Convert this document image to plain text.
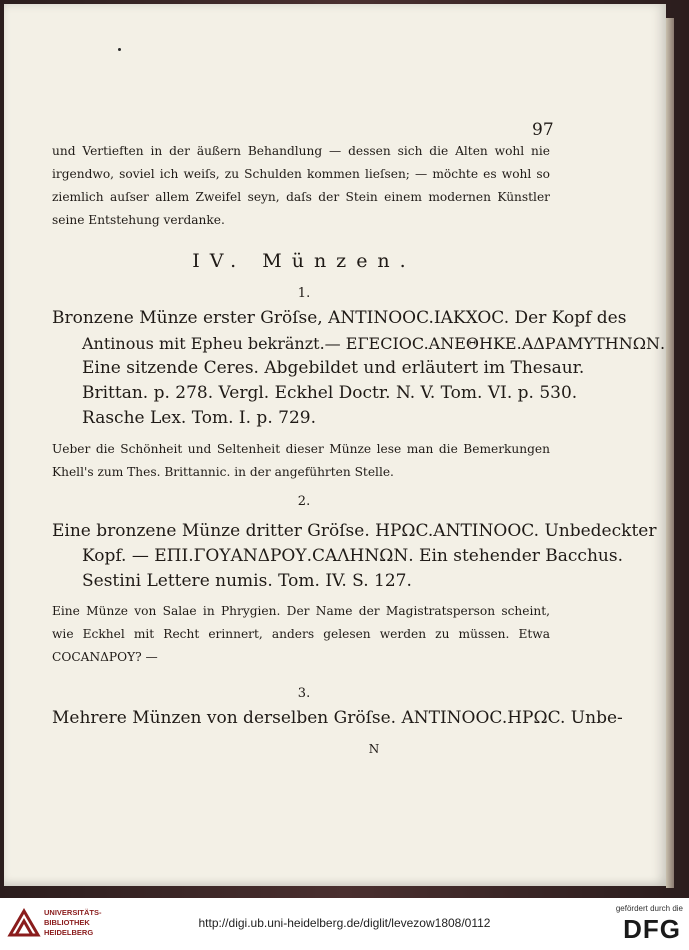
97
und Vertieften in der äußern Behandlung — dessen sich die Alten wohl nie
irgendwo, soviel ich weiſs, zu Schulden kommen lieſsen; — möchte es wohl so
ziemlich auſser allem Zweifel seyn, daſs der Stein einem modernen Künstler
seine Entstehung verdanke.
IV. Münzen.
1.
Bronzene Münze erster Gröſse, ANTINOOC.IAKXOC. Der Kopf des
Antinous mit Epheu bekränzt.— ΕΓΕCΙΟC.ΑΝΕΘΗΚΕ.ΑΔΡΑΜΥΤΗΝΩΝ.
Eine sitzende Ceres. Abgebildet und erläutert im Thesaur.
Brittan. p. 278. Vergl. Eckhel Doctr. N. V. Tom. VI. p. 530.
Rasche Lex. Tom. I. p. 729.
Ueber die Schönheit und Seltenheit dieser Münze lese man die Bemerkungen
Khell's zum Thes. Brittannic. in der angeführten Stelle.
2.
Eine bronzene Münze dritter Gröſse. ΗΡΩC.ΑΝΤΙΝΟΟC. Unbedeckter
Kopf. — ΕΠΙ.ΓΟΥΑΝΔΡΟΥ.CΑΛΗΝΩΝ. Ein stehender Bacchus.
Sestini Lettere numis. Tom. IV. S. 127.
Eine Münze von Salae in Phrygien. Der Name der Magistratsperson scheint,
wie Eckhel mit Recht erinnert, anders gelesen werden zu müssen. Etwa
COCΑΝΔΡΟΥ? —
3.
Mehrere Münzen von derselben Gröſse. ANTINOOC.ΗΡΩC. Unbe-
N
UNIVERSITÄTS-
BIBLIOTHEK
HEIDELBERG
http://digi.ub.uni-heidelberg.de/diglit/levezow1808/0112
gefördert durch die
DFG
